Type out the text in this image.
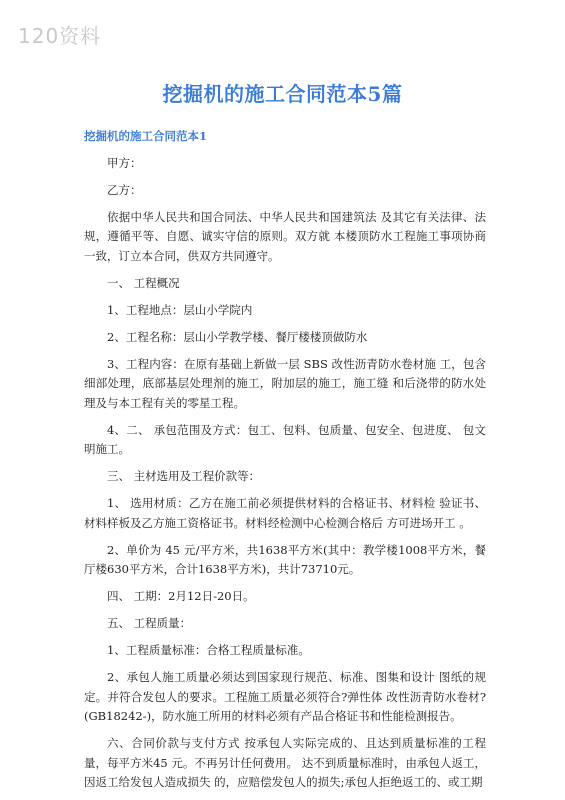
120资料
挖掘机的施工合同范本5篇
挖掘机的施工合同范本1
甲方：
乙方：
依据中华人民共和国合同法、中华人民共和国建筑法 及其它有关法律、法规，遵循平等、自愿、诚实守信的原则。双方就 本楼顶防水工程施工事项协商一致，订立本合同，供双方共同遵守。
一、 工程概况
1、工程地点：层山小学院内
2、工程名称：层山小学教学楼、餐厅楼楼顶做防水
3、工程内容：在原有基础上新做一层 SBS 改性沥青防水卷材施 工，包含细部处理，底部基层处理剂的施工，附加层的施工，施工缝 和后浇带的防水处理及与本工程有关的零星工程。
4、二、 承包范围及方式：包工、包料、包质量、包安全、包进度、 包文明施工。
三、 主材选用及工程价款等：
1、 选用材质：乙方在施工前必须提供材料的合格证书、材料检 验证书、材料样板及乙方施工资格证书。材料经检测中心检测合格后 方可进场开工 。
2、单价为 45 元/平方米，共1638平方米(其中：教学楼1008平方米，餐厅楼630平方米，合计1638平方米)，共计73710元。
四、 工期：2月12日-20日。
五、 工程质量：
1、工程质量标准：合格工程质量标准。
2、承包人施工质量必须达到国家现行规范、标准、图集和设计 图纸的规定。并符合发包人的要求。工程施工质量必须符合?弹性体 改性沥青防水卷材?(GB18242-)，防水施工所用的材料必须有产品合格证书和性能检测报告。
六、合同价款与支付方式 按承包人实际完成的、且达到质量标准的工程量，每平方米45 元。不再另计任何费用。 达不到质量标准时，由承包人返工，因返工给发包人造成损失 的，应赔偿发包人的损失;承包人拒绝返工的、或工期
